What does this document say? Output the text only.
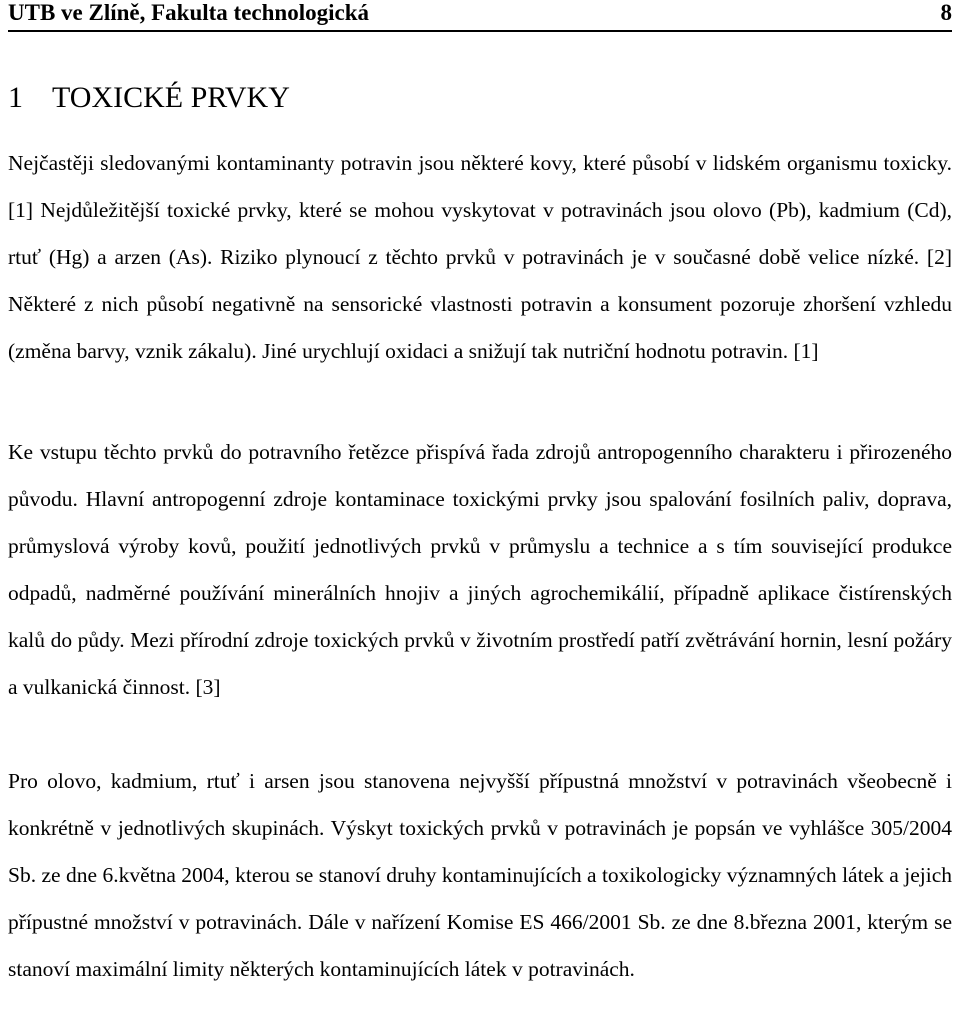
UTB ve Zlíně, Fakulta technologická	8
1 TOXICKÉ PRVKY

Nejčastěji sledovanými kontaminanty potravin jsou některé kovy, které působí v lidském organismu toxicky. [1] Nejdůležitější toxické prvky, které se mohou vyskytovat v potravinách jsou olovo (Pb), kadmium (Cd), rtuť (Hg) a arzen (As). Riziko plynoucí z těchto prvků v potravinách je v současné době velice nízké. [2] Některé z nich působí negativně na sensorické vlastnosti potravin a konsument pozoruje zhoršení vzhledu (změna barvy, vznik zákalu). Jiné urychlují oxidaci a snižují tak nutriční hodnotu potravin. [1]

Ke vstupu těchto prvků do potravního řetězce přispívá řada zdrojů antropogenního charakteru i přirozeného původu. Hlavní antropogenní zdroje kontaminace toxickými prvky jsou spalování fosilních paliv, doprava, průmyslová výroby kovů, použití jednotlivých prvků v průmyslu a technice a s tím související produkce odpadů, nadměrné používání minerálních hnojiv a jiných agrochemikálií, případně aplikace čistírenských kalů do půdy. Mezi přírodní zdroje toxických prvků v životním prostředí patří zvětrávání hornin, lesní požáry a vulkanická činnost. [3]

Pro olovo, kadmium, rtuť i arsen jsou stanovena nejvyšší přípustná množství v potravinách všeobecně i konkrétně v jednotlivých skupinách. Výskyt toxických prvků v potravinách je popsán ve vyhlášce 305/2004 Sb. ze dne 6.května 2004, kterou se stanoví druhy kontaminujících a toxikologicky významných látek a jejich přípustné množství v potravinách. Dále v nařízení Komise ES 466/2001 Sb. ze dne 8.března 2001, kterým se stanoví maximální limity některých kontaminujících látek v potravinách.
